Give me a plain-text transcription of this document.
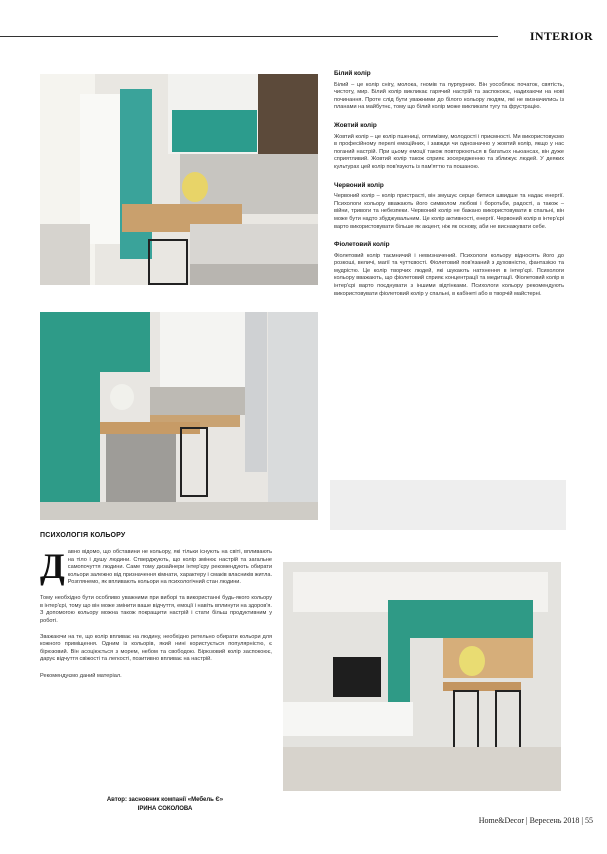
INTERIOR
Білий колір

Білий – це колір снігу, молока, гномів та пурпурних. Він уособлює початок, святість, чистоту, мир. Білий колір викликає гарячий настрій та заспокоює, надихаючи на нові починання. Проте слід бути уважними до білого кольору людям, які не визначились із планами на майбутнє, тому що білий колір може викликати тугу та фрустрацію.

Жовтий колір

Жовтий колір – це колір пшениці, оптимізму, молодості і приємності. Ми використовуємо в професійному перелі емоційних, і завжди чи однозначно у жовтий колір, якщо у нас поганий настрій. При цьому емоції також повторюються в багатьох ньюансах, він дуже сприятливий. Жовтий колір також сприяє зосередженню та зближує людей. У деяких культурах цей колір пов'язують із пам'яттю та пошаною.

Червоний колір

Червоний колір – колір пристрасті, він змушує серце битися швидше та надає енергії. Психологи кольору вважають його символом любові і боротьби, радості, а також – війни, тривоги та небезпеки. Червоний колір не бажано використовувати в спальні, він може бути надто збуджувальним. Це колір активності, енергії. Червоний колір в інтер'єрі варто використовувати більше як акцент, ніж як основу, аби не виснажувати себе.

Фіолетовий колір

Фіолетовий колір таємничий і невизначений. Психологи кольору відносять його до розкоші, величі, магії та чуттєвості. Фіолетовий пов'язаний з духовністю, фантазією та мудрістю. Це колір творчих людей, які шукають натхнення в інтер'єрі. Психологи кольору вважають, що фіолетовий сприяє концентрації та медитації. Фіолетовий колір в інтер'єрі варто поєднувати з іншими відтінками. Психологи кольору рекомендують використовувати фіолетовий колір у спальні, в кабінеті або в творчій майстерні.

ПСИХОЛОГІЯ КОЛЬОРУ

Давно відомо, що обставини не кольору, які тільки існують на світі, впливають на тіло і душу людини. Стверджують, що колір змінює настрій та загальне самопочуття людини. Саме тому дизайнери інтер'єру рекомендують обирати кольори залежно від призначення кімнати, характеру і смаків власників житла. Розглянемо, як впливають кольори на психологічний стан людини.

Тому необхідно бути особливо уважними при виборі та використанні будь-якого кольору в інтер'єрі, тому що він може змінити ваше відчуття, емоції і навіть вплинути на здоров'я. З допомогою кольору можна також покращити настрій і стати більш продуктивним у роботі.

Зважаючи на те, що колір впливає на людину, необхідно ретельно обирати кольори для кожного приміщення. Одним із кольорів, який нині користується популярністю, є бірюзовий. Він асоціюється з морем, небом та свободою. Бірюзовий колір заспокоює, дарує відчуття свіжості та легкості, позитивно впливає на настрій.

Рекомендуємо даний матеріал.

Автор: засновник компанії «Мебель Є»
ІРИНА СОКОЛОВА
Home&Decor | Вересень 2018 | 55
